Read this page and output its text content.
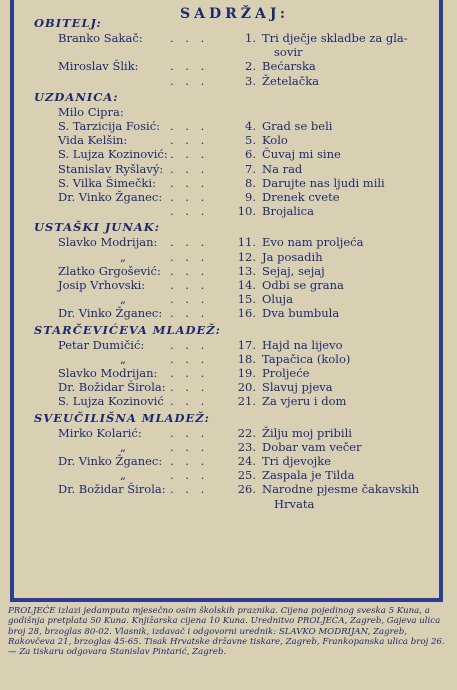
SADRŽAJ:
OBITELJ:
Branko Sakač: . . .	1. Tri dječje skladbe za gla-
sovir
Miroslav Šlik:	. . .	2. Bećarska
. . .	3. Žetelačka
UZDANICA:
Milo Cipra:
S. Tarzicija Fosić: . . .	4. Grad se beli
Vida Kelšin:	. . .	5. Kolo
S. Lujza Kozinović: . . .	6. Čuvaj mi sine
Stanislav Ryšlavý: . . .	7. Na rad
S. Vilka Šimečki: . . .	8. Darujte nas ljudi mili
Dr. Vinko Žganec: . . .	9. Drenek cvete
. . .	10. Brojalica
USTAŠKI JUNAK:
Slavko Modrijan: . . .	11. Evo nam proljeća
„	. . .	12. Ja posadih
Zlatko Grgošević: . . .	13. Sejaj, sejaj
Josip Vrhovski: . . .	14. Odbi se grana
„	. . .	15. Oluja
Dr. Vinko Žganec: . . .	16. Dva bumbula
STARČEVIĆEVA MLADEŽ:
Petar Dumičić: . . .	17. Hajd na lijevo
„	. . .	18. Tapačica (kolo)
Slavko Modrijan: . . .	19. Proljeće
Dr. Božidar Širola: . . .	20. Slavuj pjeva
S. Lujza Kozinović . . .	21. Za vjeru i dom
SVEUČILIŠNA MLADEŽ:
Mirko Kolarić: . . .	22. Žilju moj pribili
„	. . .	23. Dobar vam večer
Dr. Vinko Žganec: . . .	24. Tri djevojke
„	. . .	25. Zaspala je Tilda
Dr. Božidar Širola: . . .	26. Narodne pjesme čakavskih
Hrvata
PROLJEĆE izlazi jedamputa mjesečno osim školskih praznika. Cijena pojedinog sveska 5 Kuna, a godišnja pretplata 50 Kuna. Knjižarska cijena 10 Kuna. Urednitvo PROLJEĆA, Zagreb, Gajeva ulica broj 28, brzoglas 80-02. Vlasnik, izdavač i odgovorni urednik: SLAVKO MODRIJAN, Zagreb, Rakovčeva 21, brzoglas 45-65. Tisak Hrvatske državne tiskare, Zagreb, Frankopanska ulica broj 26. — Za tiskaru odgovara Stanislav Pintarić, Zagreb.
